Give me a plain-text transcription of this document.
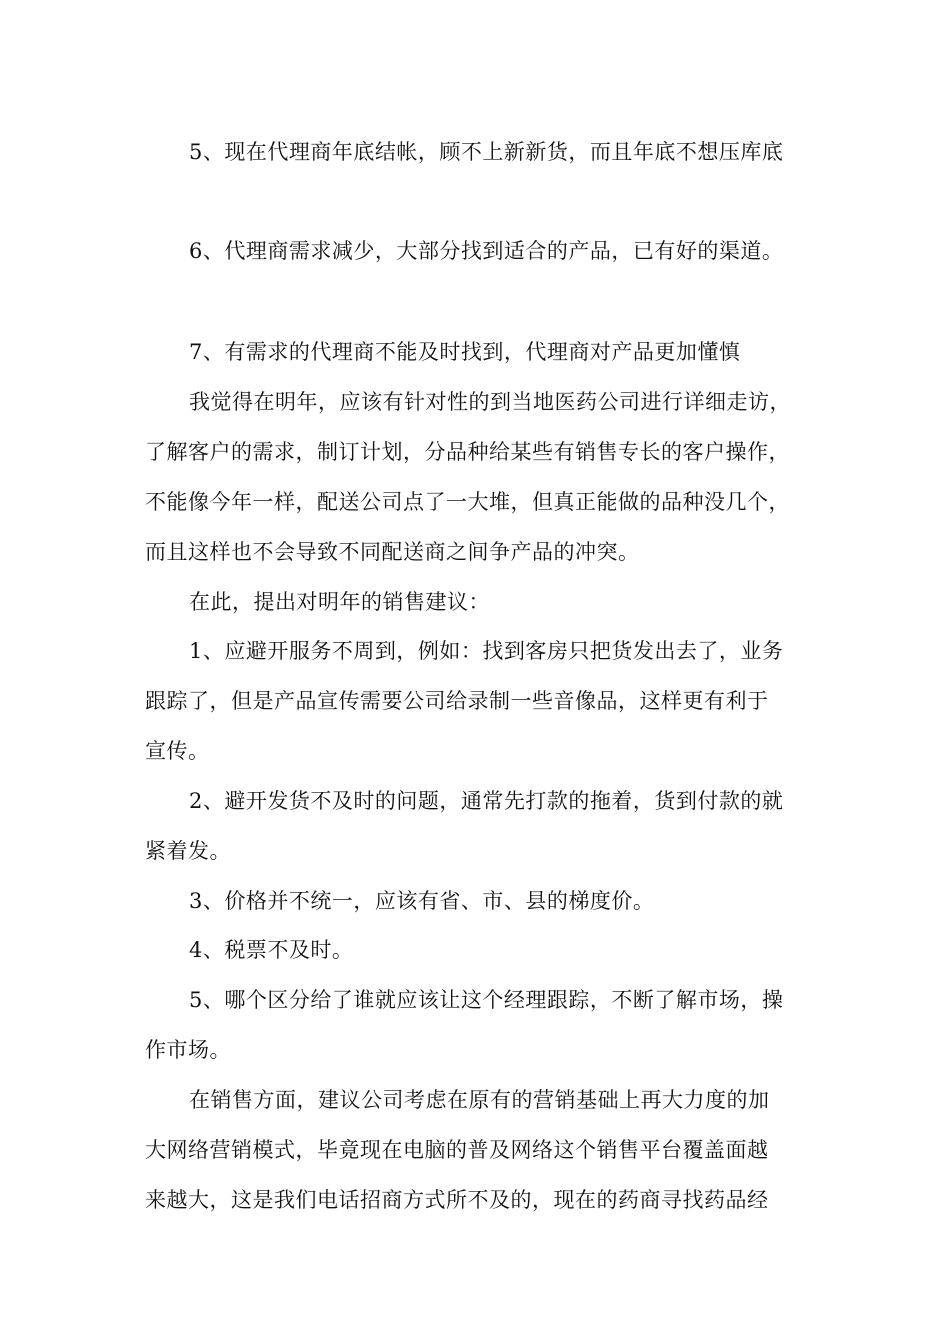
5、现在代理商年底结帐，顾不上新新货，而且年底不想压库底

6、代理商需求减少，大部分找到适合的产品，已有好的渠道。

7、有需求的代理商不能及时找到，代理商对产品更加懂慎

我觉得在明年，应该有针对性的到当地医药公司进行详细走访，

了解客户的需求，制订计划，分品种给某些有销售专长的客户操作，

不能像今年一样，配送公司点了一大堆，但真正能做的品种没几个，

而且这样也不会导致不同配送商之间争产品的冲突。

在此，提出对明年的销售建议：

1、应避开服务不周到，例如：找到客房只把货发出去了，业务

跟踪了，但是产品宣传需要公司给录制一些音像品，这样更有利于

宣传。

2、避开发货不及时的问题，通常先打款的拖着，货到付款的就

紧着发。

3、价格并不统一，应该有省、市、县的梯度价。

4、税票不及时。

5、哪个区分给了谁就应该让这个经理跟踪，不断了解市场，操

作市场。

在销售方面，建议公司考虑在原有的营销基础上再大力度的加

大网络营销模式，毕竟现在电脑的普及网络这个销售平台覆盖面越

来越大，这是我们电话招商方式所不及的，现在的药商寻找药品经
